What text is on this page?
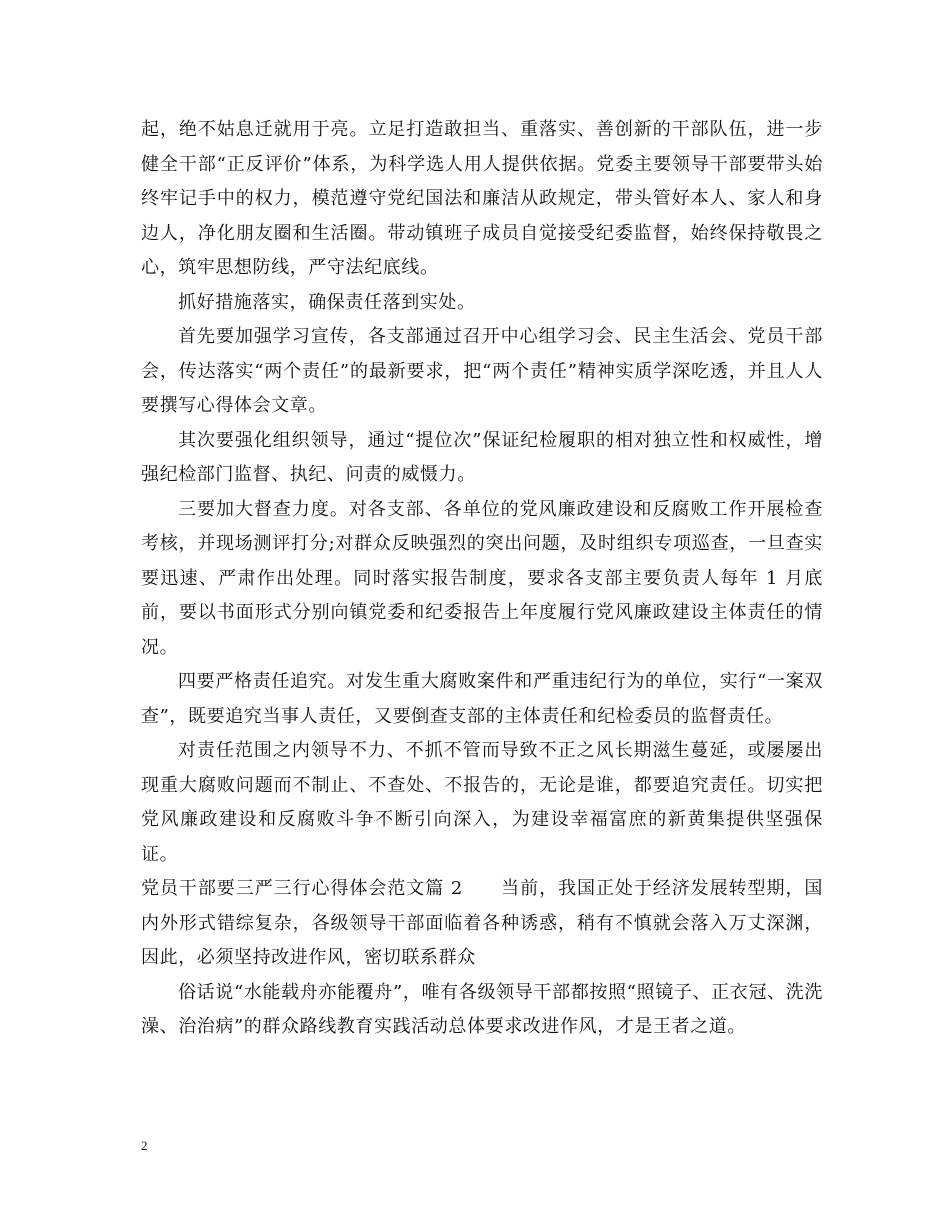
起，绝不姑息迁就用于亮。立足打造敢担当、重落实、善创新的干部队伍，进一步健全干部“正反评价”体系，为科学选人用人提供依据。党委主要领导干部要带头始终牢记手中的权力，模范遵守党纪国法和廉洁从政规定，带头管好本人、家人和身边人，净化朋友圈和生活圈。带动镇班子成员自觉接受纪委监督，始终保持敬畏之心，筑牢思想防线，严守法纪底线。

抓好措施落实，确保责任落到实处。

首先要加强学习宣传，各支部通过召开中心组学习会、民主生活会、党员干部会，传达落实“两个责任”的最新要求，把“两个责任”精神实质学深吃透，并且人人要撰写心得体会文章。

其次要强化组织领导，通过“提位次”保证纪检履职的相对独立性和权威性，增强纪检部门监督、执纪、问责的威慑力。

三要加大督查力度。对各支部、各单位的党风廉政建设和反腐败工作开展检查考核，并现场测评打分;对群众反映强烈的突出问题，及时组织专项巡查，一旦查实要迅速、严肃作出处理。同时落实报告制度，要求各支部主要负责人每年 1 月底前，要以书面形式分别向镇党委和纪委报告上年度履行党风廉政建设主体责任的情况。

四要严格责任追究。对发生重大腐败案件和严重违纪行为的单位，实行“一案双查”，既要追究当事人责任，又要倒查支部的主体责任和纪检委员的监督责任。

对责任范围之内领导不力、不抓不管而导致不正之风长期滋生蔓延，或屡屡出现重大腐败问题而不制止、不查处、不报告的，无论是谁，都要追究责任。切实把党风廉政建设和反腐败斗争不断引向深入，为建设幸福富庶的新黄集提供坚强保证。

党员干部要三严三行心得体会范文篇 2　　当前，我国正处于经济发展转型期，国内外形式错综复杂，各级领导干部面临着各种诱惑，稍有不慎就会落入万丈深渊，因此，必须坚持改进作风，密切联系群众

俗话说“水能载舟亦能覆舟”，唯有各级领导干部都按照“照镜子、正衣冠、洗洗澡、治治病”的群众路线教育实践活动总体要求改进作风，才是王者之道。

2
